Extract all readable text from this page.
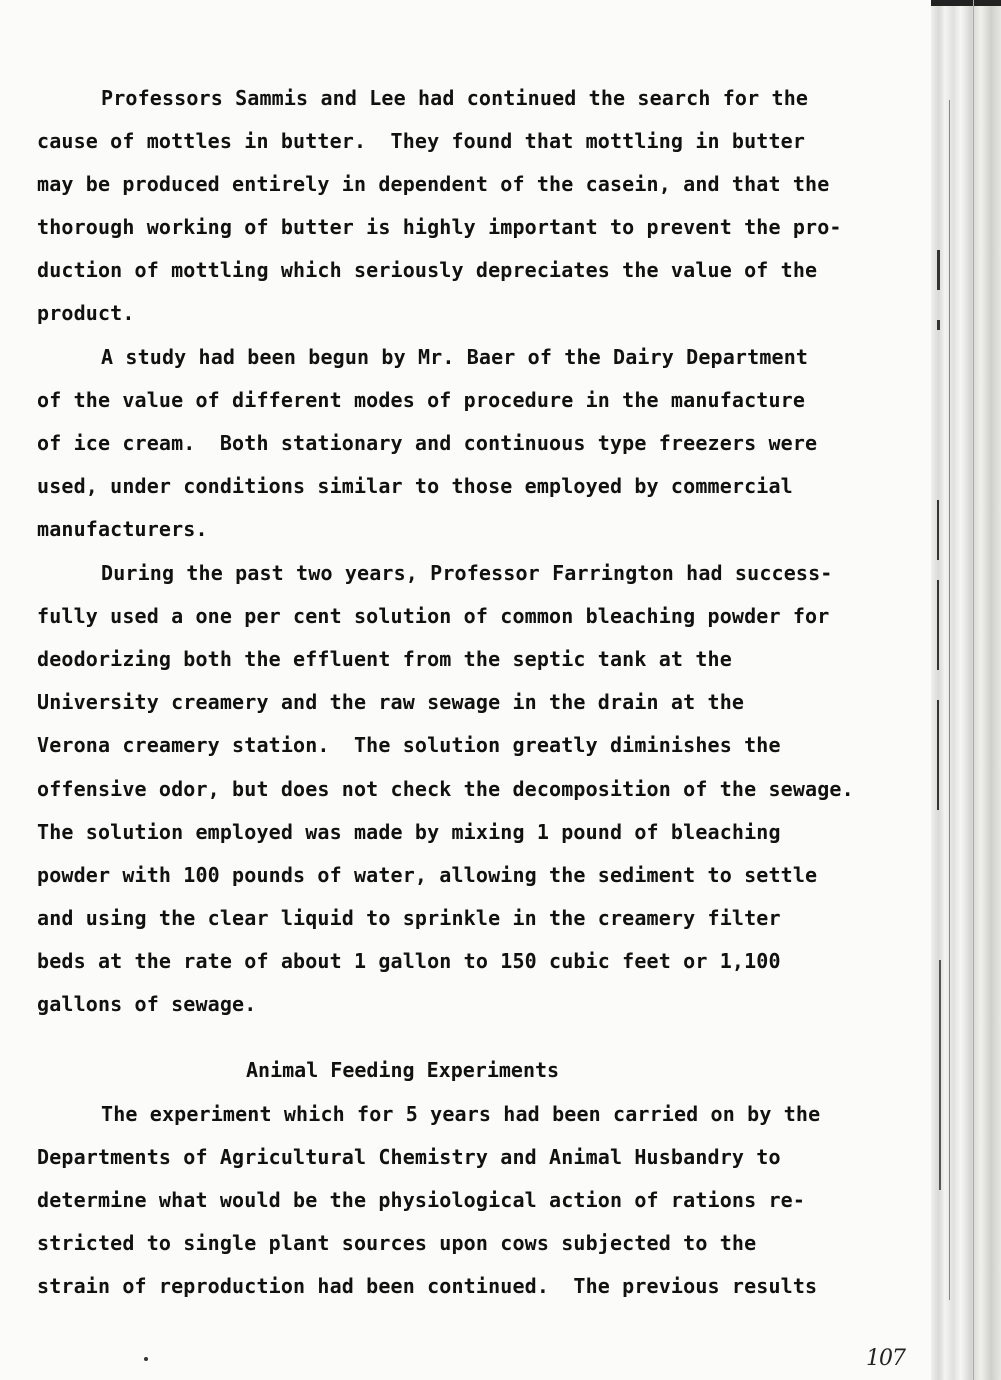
Professors Sammis and Lee had continued the search for the
cause of mottles in butter.  They found that mottling in butter
may be produced entirely in dependent of the casein, and that the
thorough working of butter is highly important to prevent the pro-
duction of mottling which seriously depreciates the value of the
product.
A study had been begun by Mr. Baer of the Dairy Department
of the value of different modes of procedure in the manufacture
of ice cream.  Both stationary and continuous type freezers were
used, under conditions similar to those employed by commercial
manufacturers.
During the past two years, Professor Farrington had success-
fully used a one per cent solution of common bleaching powder for
deodorizing both the effluent from the septic tank at the
University creamery and the raw sewage in the drain at the
Verona creamery station.  The solution greatly diminishes the
offensive odor, but does not check the decomposition of the sewage.
The solution employed was made by mixing 1 pound of bleaching
powder with 100 pounds of water, allowing the sediment to settle
and using the clear liquid to sprinkle in the creamery filter
beds at the rate of about 1 gallon to 150 cubic feet or 1,100
gallons of sewage.
Animal Feeding Experiments
The experiment which for 5 years had been carried on by the
Departments of Agricultural Chemistry and Animal Husbandry to
determine what would be the physiological action of rations re-
stricted to single plant sources upon cows subjected to the
strain of reproduction had been continued.  The previous results
107
